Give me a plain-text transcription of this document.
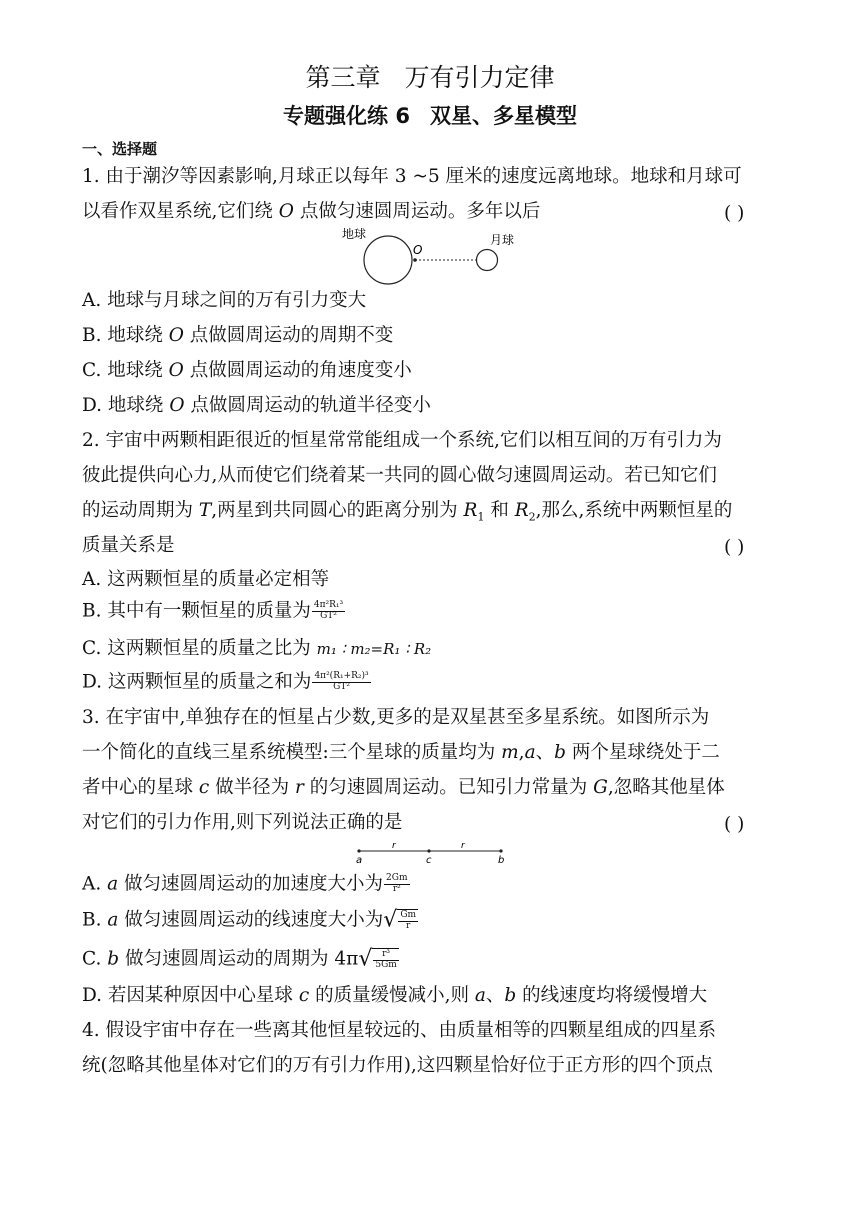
第三章 万有引力定律
专题强化练 6 双星、多星模型
一、选择题
1. 由于潮汐等因素影响,月球正以每年 3 ~5 厘米的速度远离地球。地球和月球可
以看作双星系统,它们绕 O 点做匀速圆周运动。多年以后	( )
地球
O
月球
A. 地球与月球之间的万有引力变大
B. 地球绕 O 点做圆周运动的周期不变
C. 地球绕 O 点做圆周运动的角速度变小
D. 地球绕 O 点做圆周运动的轨道半径变小
2. 宇宙中两颗相距很近的恒星常常能组成一个系统,它们以相互间的万有引力为
彼此提供向心力,从而使它们绕着某一共同的圆心做匀速圆周运动。若已知它们
的运动周期为 T,两星到共同圆心的距离分别为 $R_1$ 和 $R_2$,那么,系统中两颗恒星的
质量关系是	( )
A. 这两颗恒星的质量必定相等
B. 其中有一颗恒星的质量为 $\frac{\text{4π²R₁³}}{\text{GT²}}$
C. 这两颗恒星的质量之比为 m₁ ∶ m₂=R₁ ∶ R₂
D. 这两颗恒星的质量之和为 $\frac{\text{4π²(R₁+R₂)³}}{\text{GT²}}$
3. 在宇宙中,单独存在的恒星占少数,更多的是双星甚至多星系统。如图所示为
一个简化的直线三星系统模型:三个星球的质量均为 m,a、b 两个星球绕处于二
者中心的星球 c 做半径为 r 的匀速圆周运动。已知引力常量为 G,忽略其他星体
对它们的引力作用,则下列说法正确的是	( )
a	c	b
r	r
A. a 做匀速圆周运动的加速度大小为 $\frac{2Gm}{\text{r²}}$
B. a 做匀速圆周运动的线速度大小为√ $\frac{Gm}{r}$
C. b 做匀速圆周运动的周期为 $4\pi√ \frac{\text{r³}}{5Gm}$
D. 若因某种原因中心星球 c 的质量缓慢减小,则 a、b 的线速度均将缓慢增大
4. 假设宇宙中存在一些离其他恒星较远的、由质量相等的四颗星组成的四星系
统(忽略其他星体对它们的万有引力作用),这四颗星恰好位于正方形的四个顶点
